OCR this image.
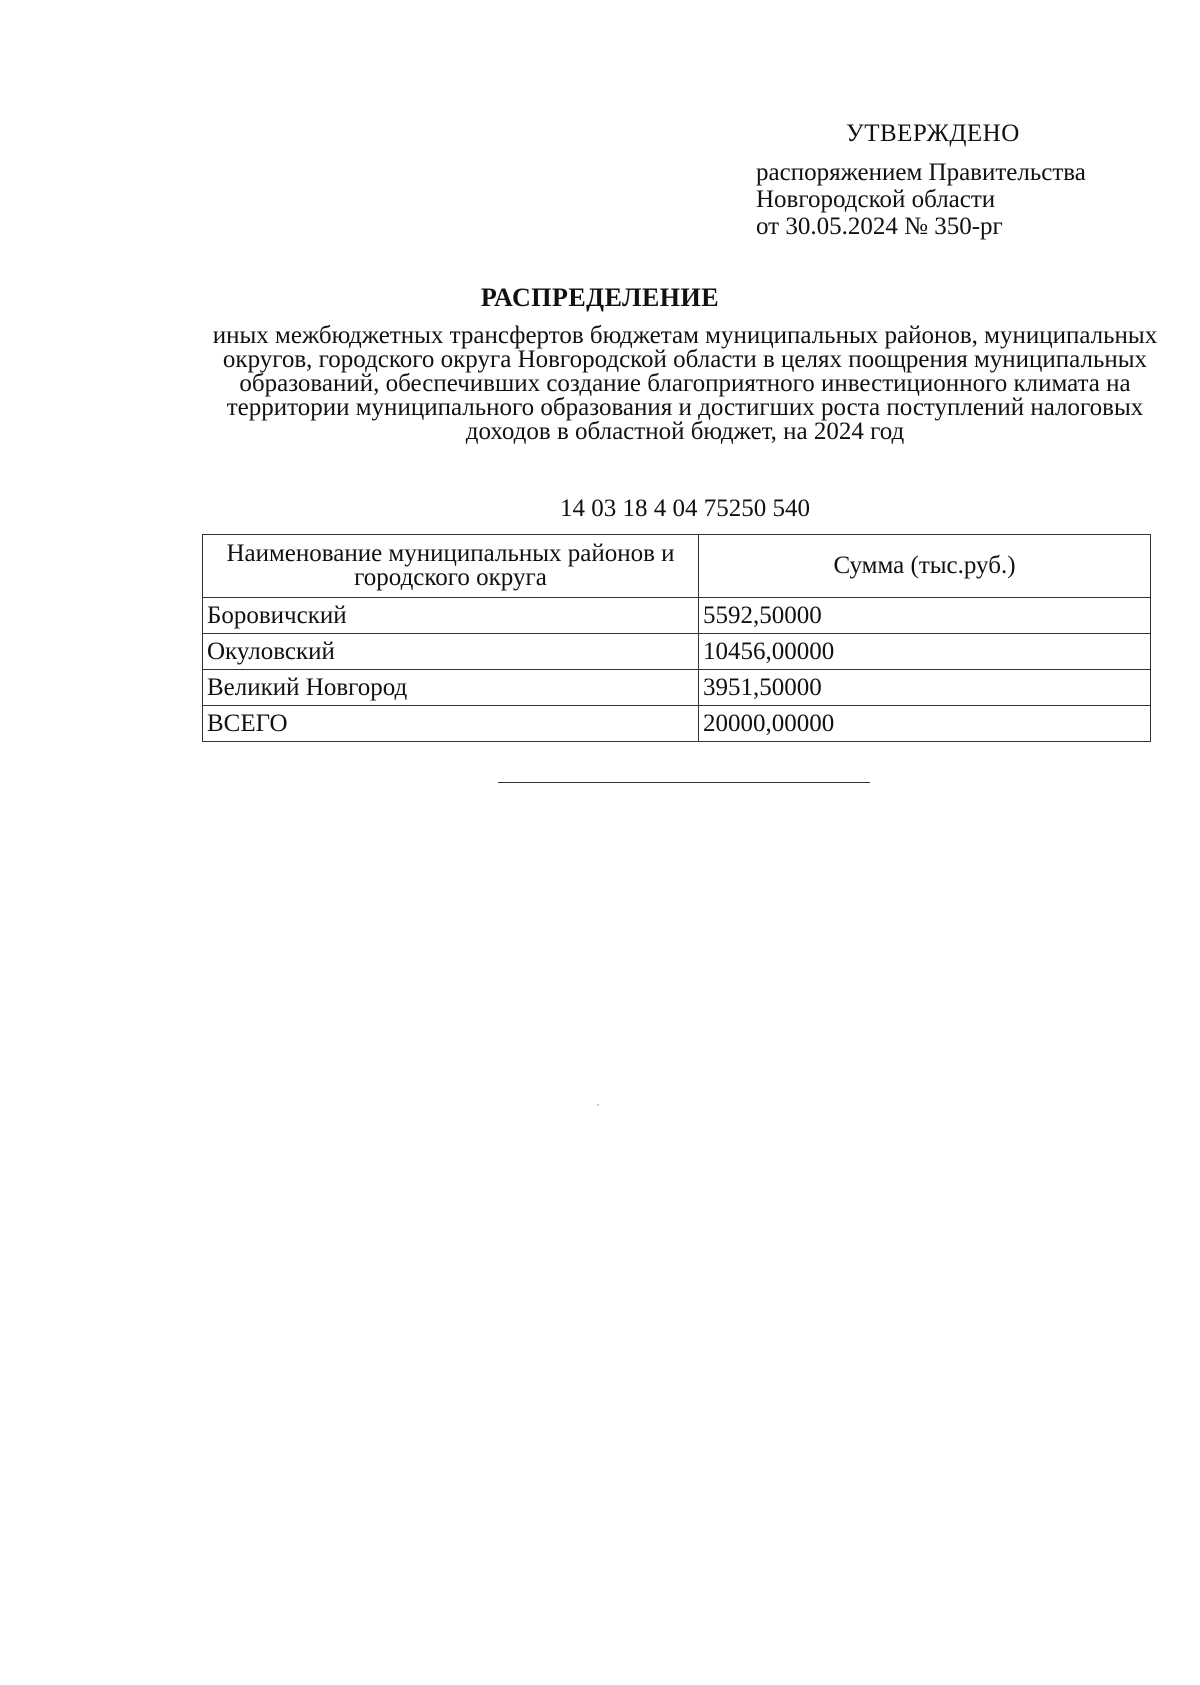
УТВЕРЖДЕНО
распоряжением Правительства
Новгородской области
от 30.05.2024 № 350-рг
РАСПРЕДЕЛЕНИЕ
иных межбюджетных трансфертов бюджетам муниципальных районов, муниципальных округов, городского округа Новгородской области в целях поощрения муниципальных образований, обеспечивших создание благоприятного инвестиционного климата на территории муниципального образования и достигших роста поступлений налоговых доходов в областной бюджет, на 2024 год
14 03 18 4 04 75250 540
Наименование муниципальных районов и городского округа	Сумма (тыс.руб.)
Боровичский	5592,50000
Окуловский	10456,00000
Великий Новгород	3951,50000
ВСЕГО	20000,00000
